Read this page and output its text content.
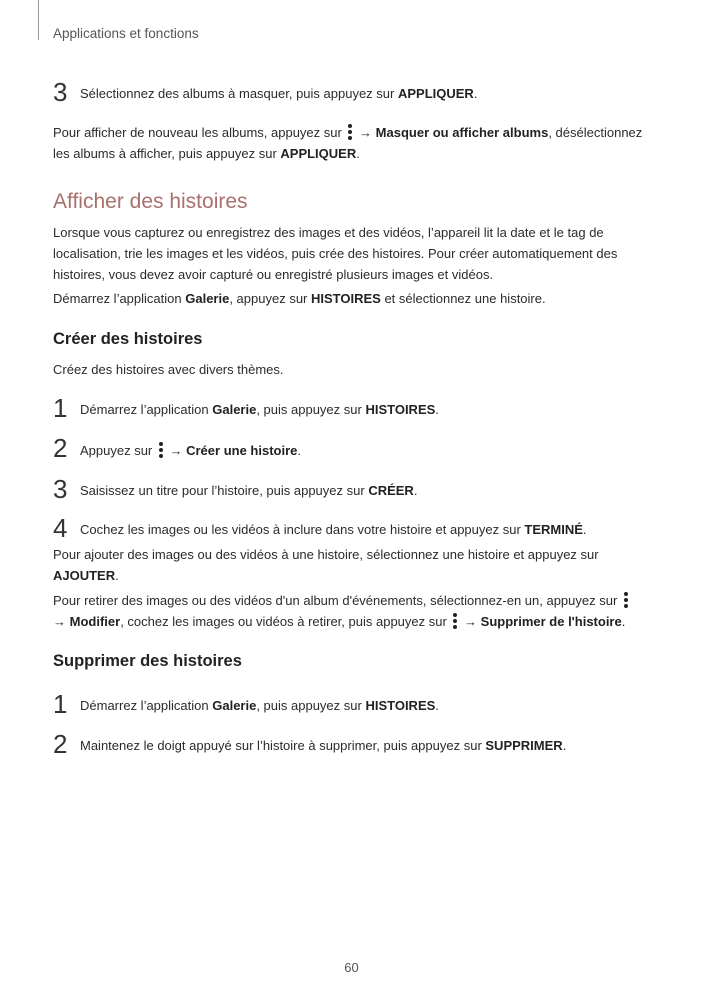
Applications et fonctions
3 Sélectionnez des albums à masquer, puis appuyez sur APPLIQUER.

Pour afficher de nouveau les albums, appuyez sur
→ Masquer ou afficher albums, désélectionnez les albums à afficher, puis appuyez sur APPLIQUER.

Afficher des histoires

Lorsque vous capturez ou enregistrez des images et des vidéos, l’appareil lit la date et le tag de localisation, trie les images et les vidéos, puis crée des histoires. Pour créer automatiquement des histoires, vous devez avoir capturé ou enregistré plusieurs images et vidéos.

Démarrez l’application Galerie, appuyez sur HISTOIRES et sélectionnez une histoire.

Créer des histoires

Créez des histoires avec divers thèmes.

1 Démarrez l’application Galerie, puis appuyez sur HISTOIRES.
2 Appuyez sur
→ Créer une histoire.
3 Saisissez un titre pour l’histoire, puis appuyez sur CRÉER.
4 Cochez les images ou les vidéos à inclure dans votre histoire et appuyez sur TERMINÉ.

Pour ajouter des images ou des vidéos à une histoire, sélectionnez une histoire et appuyez sur AJOUTER.

Pour retirer des images ou des vidéos d'un album d'événements, sélectionnez-en un, appuyez sur
→ Modifier, cochez les images ou vidéos à retirer, puis appuyez sur
→ Supprimer de l'histoire.

Supprimer des histoires
1 Démarrez l’application Galerie, puis appuyez sur HISTOIRES.
2 Maintenez le doigt appuyé sur l’histoire à supprimer, puis appuyez sur SUPPRIMER.
60
